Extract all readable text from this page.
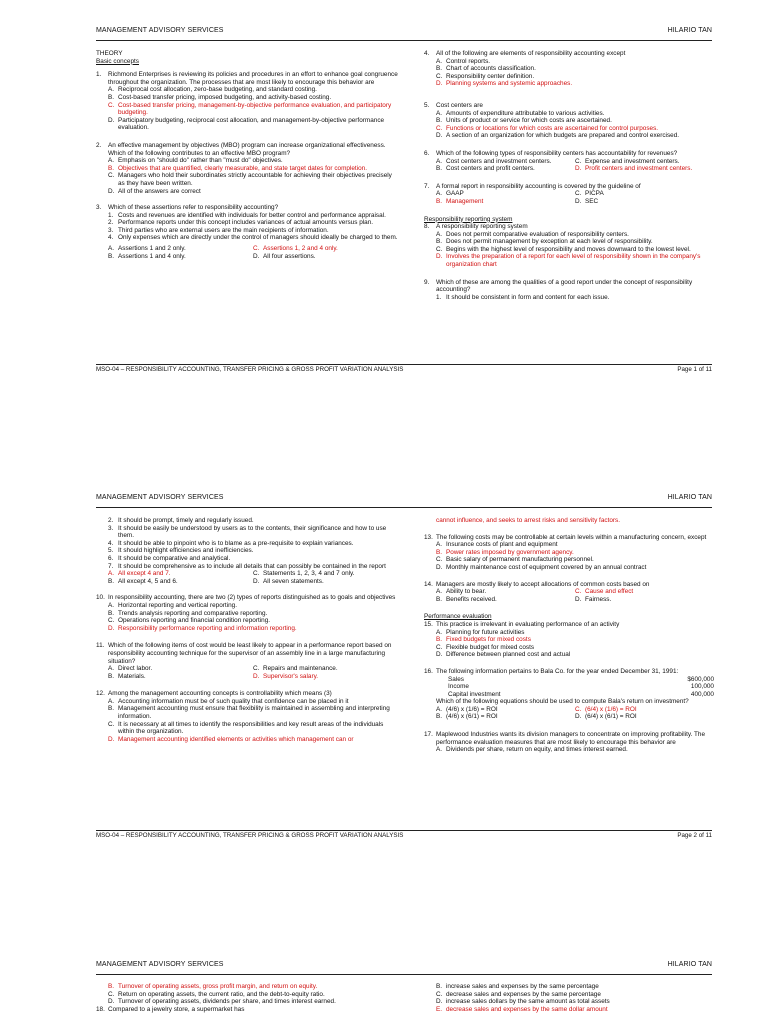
MANAGEMENT ADVISORY SERVICES	HILARIO TAN
THEORY
Basic concepts
1.	Richmond Enterprises is reviewing its policies and procedures in an effort to enhance goal congruence throughout the organization. The processes that are most likely to encourage this behavior are
A. Reciprocal cost allocation, zero-base budgeting, and standard costing.
B. Cost-based transfer pricing, imposed budgeting, and activity-based costing.
C. Cost-based transfer pricing, management-by-objective performance evaluation, and participatory budgeting.
D. Participatory budgeting, reciprocal cost allocation, and management-by-objective performance evaluation.
2.	An effective management by objectives (MBO) program can increase organizational effectiveness. Which of the following contributes to an effective MBO program?
A. Emphasis on "should do" rather than "must do" objectives.
B. Objectives that are quantified, clearly measurable, and state target dates for completion.
C. Managers who hold their subordinates strictly accountable for achieving their objectives precisely as they have been written.
D. All of the answers are correct
3.	Which of these assertions refer to responsibility accounting?
1. Costs and revenues are identified with individuals for better control and performance appraisal.
2. Performance reports under this concept includes variances of actual amounts versus plan.
3. Third parties who are external users are the main recipients of information.
4. Only expenses which are directly under the control of managers should ideally be charged to them.
A. Assertions 1 and 2 only.	C. Assertions 1, 2 and 4 only.
B. Assertions 1 and 4 only.	D. All four assertions.
4.	All of the following are elements of responsibility accounting except
A. Control reports.
B. Chart of accounts classification.
C. Responsibility center definition.
D. Planning systems and systemic approaches.
5.	Cost centers are
A. Amounts of expenditure attributable to various activities.
B. Units of product or service for which costs are ascertained.
C. Functions or locations for which costs are ascertained for control purposes.
D. A section of an organization for which budgets are prepared and control exercised.
6.	Which of the following types of responsibility centers has accountability for revenues?
A. Cost centers and investment centers.	C. Expense and investment centers.
B. Cost centers and profit centers.	D. Profit centers and investment centers.
7.	A formal report in responsibility accounting is covered by the guideline of
A. GAAP	C. PICPA
B. Management	D. SEC
Responsibility reporting system
8.	A responsibility reporting system
A. Does not permit comparative evaluation of responsibility centers.
B. Does not permit management by exception at each level of responsibility.
C. Begins with the highest level of responsibility and moves downward to the lowest level.
D. Involves the preparation of a report for each level of responsibility shown in the company's organization chart
9.	Which of these are among the qualities of a good report under the concept of responsibility accounting?
1. It should be consistent in form and content for each issue.
MSO-04 – RESPONSIBILITY ACCOUNTING, TRANSFER PRICING & GROSS PROFIT VARIATION ANALYSIS	Page 1 of 11
MANAGEMENT ADVISORY SERVICES	HILARIO TAN
2. It should be prompt, timely and regularly issued.
3. It should be easily be understood by users as to the contents, their significance and how to use them.
4. It should be able to pinpoint who is to blame as a pre-requisite to explain variances.
5. It should highlight efficiencies and inefficiencies.
6. It should be comparative and analytical.
7. It should be comprehensive as to include all details that can possibly be contained in the report
A. All except 4 and 7.	C. Statements 1, 2, 3, 4 and 7 only.
B. All except 4, 5 and 6.	D. All seven statements.
10. In responsibility accounting, there are two (2) types of reports distinguished as to goals and objectives
A. Horizontal reporting and vertical reporting.
B. Trends analysis reporting and comparative reporting.
C. Operations reporting and financial condition reporting.
D. Responsibility performance reporting and information reporting.
11. Which of the following items of cost would be least likely to appear in a performance report based on responsibility accounting technique for the supervisor of an assembly line in a large manufacturing situation?
A. Direct labor.	C. Repairs and maintenance.
B. Materials.	D. Supervisor's salary.
12. Among the management accounting concepts is controllability which means (3)
A. Accounting information must be of such quality that confidence can be placed in it
B. Management accounting must ensure that flexibility is maintained in assembling and interpreting information.
C. It is necessary at all times to identify the responsibilities and key result areas of the individuals within the organization.
D. Management accounting identified elements or activities which management can or
cannot influence, and seeks to arrest risks and sensitivity factors.
13. The following costs may be controllable at certain levels within a manufacturing concern, except
A. Insurance costs of plant and equipment
B. Power rates imposed by government agency.
C. Basic salary of permanent manufacturing personnel.
D. Monthly maintenance cost of equipment covered by an annual contract
14. Managers are mostly likely to accept allocations of common costs based on
A. Ability to bear.	C. Cause and effect
B. Benefits received.	D. Fairness.
Performance evaluation
15. This practice is irrelevant in evaluating performance of an activity
A. Planning for future activities
B. Fixed budgets for mixed costs
C. Flexible budget for mixed costs
D. Difference between planned cost and actual
16. The following information pertains to Bala Co. for the year ended December 31, 1991:
Sales	$600,000
Income	100,000
Capital investment	400,000
Which of the following equations should be used to compute Bala's return on investment?
A. (4/6) x (1/6) = ROI	C. (6/4) x (1/6) = ROI
B. (4/6) x (6/1) = ROI	D. (6/4) x (6/1) = ROI
17. Maplewood Industries wants its division managers to concentrate on improving profitability. The performance evaluation measures that are most likely to encourage this behavior are
A. Dividends per share, return on equity, and times interest earned.
MSO-04 – RESPONSIBILITY ACCOUNTING, TRANSFER PRICING & GROSS PROFIT VARIATION ANALYSIS	Page 2 of 11
MANAGEMENT ADVISORY SERVICES	HILARIO TAN
B. Turnover of operating assets, gross profit margin, and return on equity.
C. Return on operating assets, the current ratio, and the debt-to-equity ratio.
D. Turnover of operating assets, dividends per share, and times interest earned.
18. Compared to a jewelry store, a supermarket has
B. increase sales and expenses by the same percentage
C. decrease sales and expenses by the same percentage
D. increase sales dollars by the same amount as total assets
E. decrease sales and expenses by the same dollar amount
